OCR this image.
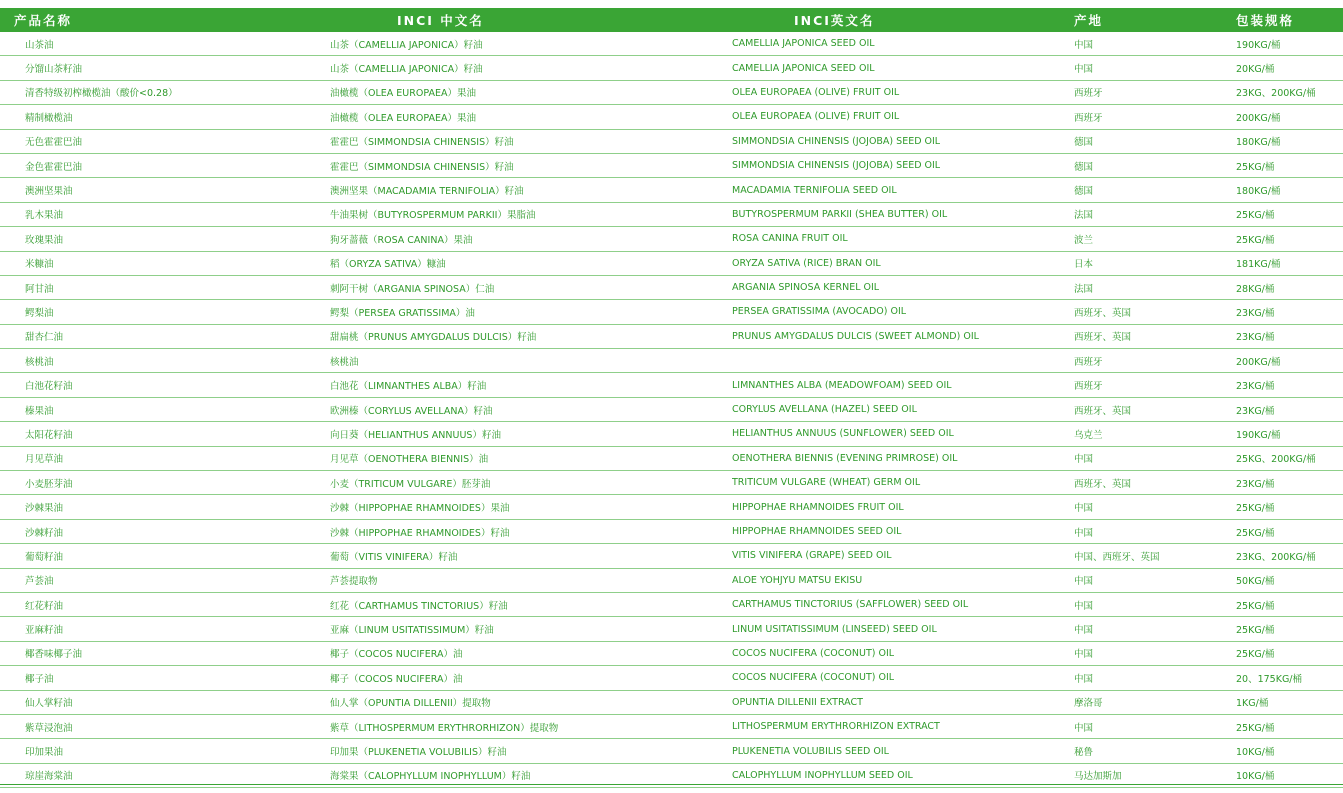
产品名称	INCI 中文名	INCI英文名	产地	包装规格
山茶油	山茶（CAMELLIA JAPONICA）籽油	CAMELLIA JAPONICA SEED OIL	中国	190KG/桶
分馏山茶籽油	山茶（CAMELLIA JAPONICA）籽油	CAMELLIA JAPONICA SEED OIL	中国	20KG/桶
清香特级初榨橄榄油（酸价<0.28）	油橄榄（OLEA EUROPAEA）果油	OLEA EUROPAEA (OLIVE) FRUIT OIL	西班牙	23KG、200KG/桶
精制橄榄油	油橄榄（OLEA EUROPAEA）果油	OLEA EUROPAEA (OLIVE) FRUIT OIL	西班牙	200KG/桶
无色霍霍巴油	霍霍巴（SIMMONDSIA CHINENSIS）籽油	SIMMONDSIA CHINENSIS (JOJOBA) SEED OIL	德国	180KG/桶
金色霍霍巴油	霍霍巴（SIMMONDSIA CHINENSIS）籽油	SIMMONDSIA CHINENSIS (JOJOBA) SEED OIL	德国	25KG/桶
澳洲坚果油	澳洲坚果（MACADAMIA TERNIFOLIA）籽油	MACADAMIA TERNIFOLIA SEED OIL	德国	180KG/桶
乳木果油	牛油果树（BUTYROSPERMUM PARKII）果脂油	BUTYROSPERMUM PARKII (SHEA BUTTER) OIL	法国	25KG/桶
玫瑰果油	狗牙蔷薇（ROSA CANINA）果油	ROSA CANINA FRUIT OIL	波兰	25KG/桶
米糠油	稻（ORYZA SATIVA）糠油	ORYZA SATIVA (RICE) BRAN OIL	日本	181KG/桶
阿甘油	刺阿干树（ARGANIA SPINOSA）仁油	ARGANIA SPINOSA KERNEL OIL	法国	28KG/桶
鳄梨油	鳄梨（PERSEA GRATISSIMA）油	PERSEA GRATISSIMA (AVOCADO) OIL	西班牙、英国	23KG/桶
甜杏仁油	甜扁桃（PRUNUS AMYGDALUS DULCIS）籽油	PRUNUS AMYGDALUS DULCIS (SWEET ALMOND) OIL	西班牙、英国	23KG/桶
核桃油	核桃油		西班牙	200KG/桶
白池花籽油	白池花（LIMNANTHES ALBA）籽油	LIMNANTHES ALBA (MEADOWFOAM) SEED OIL	西班牙	23KG/桶
榛果油	欧洲榛（CORYLUS AVELLANA）籽油	CORYLUS AVELLANA (HAZEL) SEED OIL	西班牙、英国	23KG/桶
太阳花籽油	向日葵（HELIANTHUS ANNUUS）籽油	HELIANTHUS ANNUUS (SUNFLOWER) SEED OIL	乌克兰	190KG/桶
月见草油	月见草（OENOTHERA BIENNIS）油	OENOTHERA BIENNIS (EVENING PRIMROSE) OIL	中国	25KG、200KG/桶
小麦胚芽油	小麦（TRITICUM VULGARE）胚芽油	TRITICUM VULGARE (WHEAT) GERM OIL	西班牙、英国	23KG/桶
沙棘果油	沙棘（HIPPOPHAE RHAMNOIDES）果油	HIPPOPHAE RHAMNOIDES FRUIT OIL	中国	25KG/桶
沙棘籽油	沙棘（HIPPOPHAE RHAMNOIDES）籽油	HIPPOPHAE RHAMNOIDES SEED OIL	中国	25KG/桶
葡萄籽油	葡萄（VITIS VINIFERA）籽油	VITIS VINIFERA (GRAPE) SEED OIL	中国、西班牙、英国	23KG、200KG/桶
芦荟油	芦荟提取物	ALOE YOHJYU MATSU EKISU	中国	50KG/桶
红花籽油	红花（CARTHAMUS TINCTORIUS）籽油	CARTHAMUS TINCTORIUS (SAFFLOWER) SEED OIL	中国	25KG/桶
亚麻籽油	亚麻（LINUM USITATISSIMUM）籽油	LINUM USITATISSIMUM (LINSEED) SEED OIL	中国	25KG/桶
椰香味椰子油	椰子（COCOS NUCIFERA）油	COCOS NUCIFERA (COCONUT) OIL	中国	25KG/桶
椰子油	椰子（COCOS NUCIFERA）油	COCOS NUCIFERA (COCONUT) OIL	中国	20、175KG/桶
仙人掌籽油	仙人掌（OPUNTIA DILLENII）提取物	OPUNTIA DILLENII EXTRACT	摩洛哥	1KG/桶
紫草浸泡油	紫草（LITHOSPERMUM ERYTHRORHIZON）提取物	LITHOSPERMUM ERYTHRORHIZON EXTRACT	中国	25KG/桶
印加果油	印加果（PLUKENETIA VOLUBILIS）籽油	PLUKENETIA VOLUBILIS SEED OIL	秘鲁	10KG/桶
琼崖海棠油	海棠果（CALOPHYLLUM INOPHYLLUM）籽油	CALOPHYLLUM INOPHYLLUM SEED OIL	马达加斯加	10KG/桶
